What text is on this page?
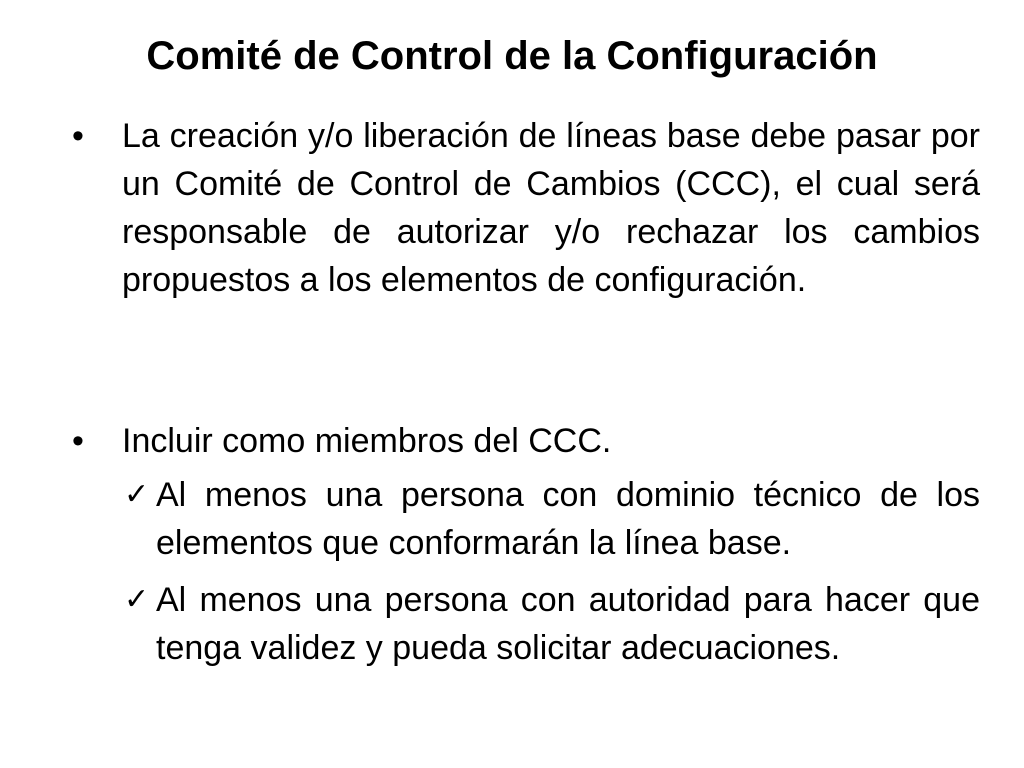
Comité de Control de la Configuración
• La creación y/o liberación de líneas base debe pasar por un Comité de Control de Cambios (CCC), el cual será responsable de autorizar y/o rechazar los cambios propuestos a los elementos de configuración.
• Incluir como miembros del CCC.
✓ Al menos una persona con dominio técnico de los elementos que conformarán la línea base.
✓ Al menos una persona con autoridad para hacer que tenga validez y pueda solicitar adecuaciones.
